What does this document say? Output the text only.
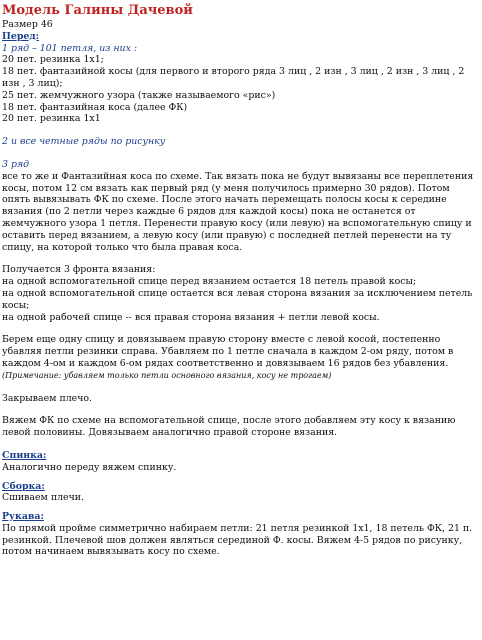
Модель Галины Дачевой

Размер 46

Перед:

1 ряд – 101 петля, из них :

20 пет. резинка 1х1;

18 пет. фантазийной косы (для первого и второго ряда 3 лиц , 2 изн , 3 лиц , 2 изн , 3 лиц , 2 изн , 3 лиц);

25 пет. жемчужного узора (также называемого «рис»)

18 пет. фантазийная коса (далее ФК)

20 пет. резинка 1х1

2 и все четные ряды по рисунку

3 ряд

все то же и Фантазийная коса по схеме. Так вязать пока не будут вывязаны все переплетения косы, потом 12 см вязать как первый ряд (у меня получилось примерно 30 рядов). Потом опять вывязывать ФК по схеме. После этого начать перемещать полосы косы к середине вязания (по 2 петли через каждые 6 рядов для каждой косы) пока не останется от жемчужного узора 1 петля. Перенести правую косу (или левую) на вспомогательную спицу и оставить перед вязанием, а левую косу (или правую) с последней петлей перенести на ту спицу, на которой только что была правая коса.

Получается 3 фронта вязания:

на одной вспомогательной спице перед вязанием остается 18 петель правой косы;

на одной вспомогательной спице остается вся левая сторона вязания за исключением петель косы;

на одной рабочей спице -- вся правая сторона вязания + петли левой косы.

Берем еще одну спицу и довязываем правую сторону вместе с левой косой, постепенно убавляя петли резинки справа. Убавляем по 1 петле сначала в каждом 2-ом ряду, потом в каждом 4-ом и каждом 6-ом рядах соответственно и довязываем 16 рядов без убавления. (Примечание: убавляем только петли основного вязания, косу не трогаем)

Закрываем плечо.

Вяжем ФК по схеме на вспомогательной спице, после этого добавляем эту косу к вязанию левой половины. Довязываем аналогично правой стороне вязания.

Спинка:

Аналогично переду вяжем спинку.

Сборка:

Сшиваем плечи.

Рукава:

По прямой пройме симметрично набираем петли: 21 петля резинкой 1х1, 18 петель ФК, 21 п. резинкой. Плечевой шов должен являться серединой Ф. косы. Вяжем 4-5 рядов по рисунку, потом начинаем вывязывать косу по схеме.
